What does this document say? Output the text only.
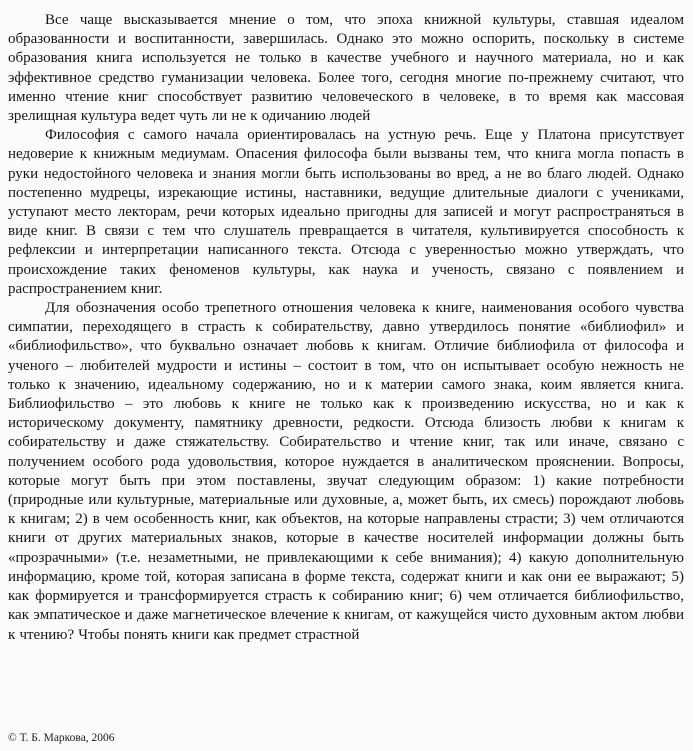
Все чаще высказывается мнение о том, что эпоха книжной культуры, ставшая идеалом образованности и воспитанности, завершилась. Однако это можно оспорить, поскольку в системе образования книга используется не только в качестве учебного и научного материала, но и как эффективное средство гуманизации человека. Более того, сегодня многие по-прежнему считают, что именно чтение книг способствует развитию человеческого в человеке, в то время как массовая зрелищная культура ведет чуть ли не к одичанию людей

Философия с самого начала ориентировалась на устную речь. Еще у Платона присутствует недоверие к книжным медиумам. Опасения философа были вызваны тем, что книга могла попасть в руки недостойного человека и знания могли быть использованы во вред, а не во благо людей. Однако постепенно мудрецы, изрекающие истины, наставники, ведущие длительные диалоги с учениками, уступают место лекторам, речи которых идеально пригодны для записей и могут распространяться в виде книг. В связи с тем что слушатель превращается в читателя, культивируется способность к рефлексии и интерпретации написанного текста. Отсюда с уверенностью можно утверждать, что происхождение таких феноменов культуры, как наука и ученость, связано с появлением и распространением книг.

Для обозначения особо трепетного отношения человека к книге, наименования особого чувства симпатии, переходящего в страсть к собирательству, давно утвердилось понятие «библиофил» и «библиофильство», что буквально означает любовь к книгам. Отличие библиофила от философа и ученого – любителей мудрости и истины – состоит в том, что он испытывает особую нежность не только к значению, идеальному содержанию, но и к материи самого знака, коим является книга. Библиофильство – это любовь к книге не только как к произведению искусства, но и как к историческому документу, памятнику древности, редкости. Отсюда близость любви к книгам к собирательству и даже стяжательству. Собирательство и чтение книг, так или иначе, связано с получением особого рода удовольствия, которое нуждается в аналитическом прояснении. Вопросы, которые могут быть при этом поставлены, звучат следующим образом: 1) какие потребности (природные или культурные, материальные или духовные, а, может быть, их смесь) порождают любовь к книгам; 2) в чем особенность книг, как объектов, на которые направлены страсти; 3) чем отличаются книги от других материальных знаков, которые в качестве носителей информации должны быть «прозрачными» (т.е. незаметными, не привлекающими к себе внимания); 4) какую дополнительную информацию, кроме той, которая записана в форме текста, содержат книги и как они ее выражают; 5) как формируется и трансформируется страсть к собиранию книг; 6) чем отличается библиофильство, как эмпатическое и даже магнетическое влечение к книгам, от кажущейся чисто духовным актом любви к чтению? Чтобы понять книги как предмет страстной

© Т. Б. Маркова, 2006
